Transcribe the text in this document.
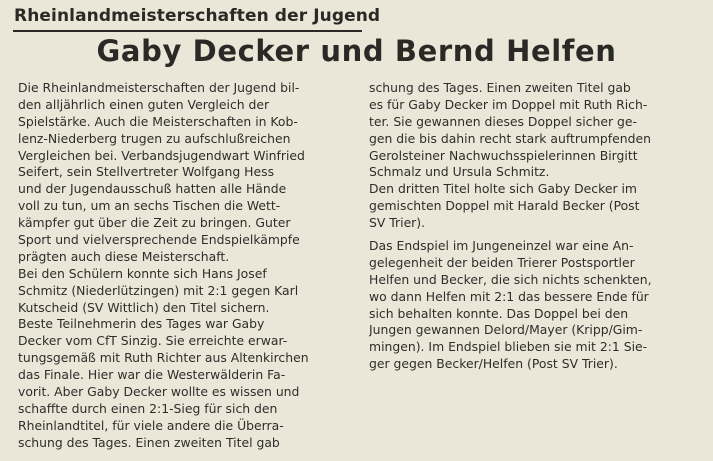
Rheinlandmeisterschaften der Jugend
Gaby Decker und Bernd Helfen
Die Rheinlandmeisterschaften der Jugend bil-
den alljährlich einen guten Vergleich der
Spielstärke. Auch die Meisterschaften in Kob-
lenz-Niederberg trugen zu aufschlußreichen
Vergleichen bei. Verbandsjugendwart Winfried
Seifert, sein Stellvertreter Wolfgang Hess
und der Jugendausschuß hatten alle Hände
voll zu tun, um an sechs Tischen die Wett-
kämpfer gut über die Zeit zu bringen. Guter
Sport und vielversprechende Endspielkämpfe
prägten auch diese Meisterschaft.
Bei den Schülern konnte sich Hans Josef
Schmitz (Niederlützingen) mit 2:1 gegen Karl
Kutscheid (SV Wittlich) den Titel sichern.
Beste Teilnehmerin des Tages war Gaby
Decker vom CfT Sinzig. Sie erreichte erwar-
tungsgemäß mit Ruth Richter aus Altenkirchen
das Finale. Hier war die Westerwälderin Fa-
vorit. Aber Gaby Decker wollte es wissen und
schaffte durch einen 2:1-Sieg für sich den
Rheinlandtitel, für viele andere die Überra-
schung des Tages. Einen zweiten Titel gab
schung des Tages. Einen zweiten Titel gab
es für Gaby Decker im Doppel mit Ruth Rich-
ter. Sie gewannen dieses Doppel sicher ge-
gen die bis dahin recht stark auftrumpfenden
Gerolsteiner Nachwuchsspielerinnen Birgitt
Schmalz und Ursula Schmitz.
Den dritten Titel holte sich Gaby Decker im
gemischten Doppel mit Harald Becker (Post
SV Trier).
Das Endspiel im Jungeneinzel war eine An-
gelegenheit der beiden Trierer Postsportler
Helfen und Becker, die sich nichts schenkten,
wo dann Helfen mit 2:1 das bessere Ende für
sich behalten konnte. Das Doppel bei den
Jungen gewannen Delord/Mayer (Kripp/Gim-
mingen). Im Endspiel blieben sie mit 2:1 Sie-
ger gegen Becker/Helfen (Post SV Trier).
